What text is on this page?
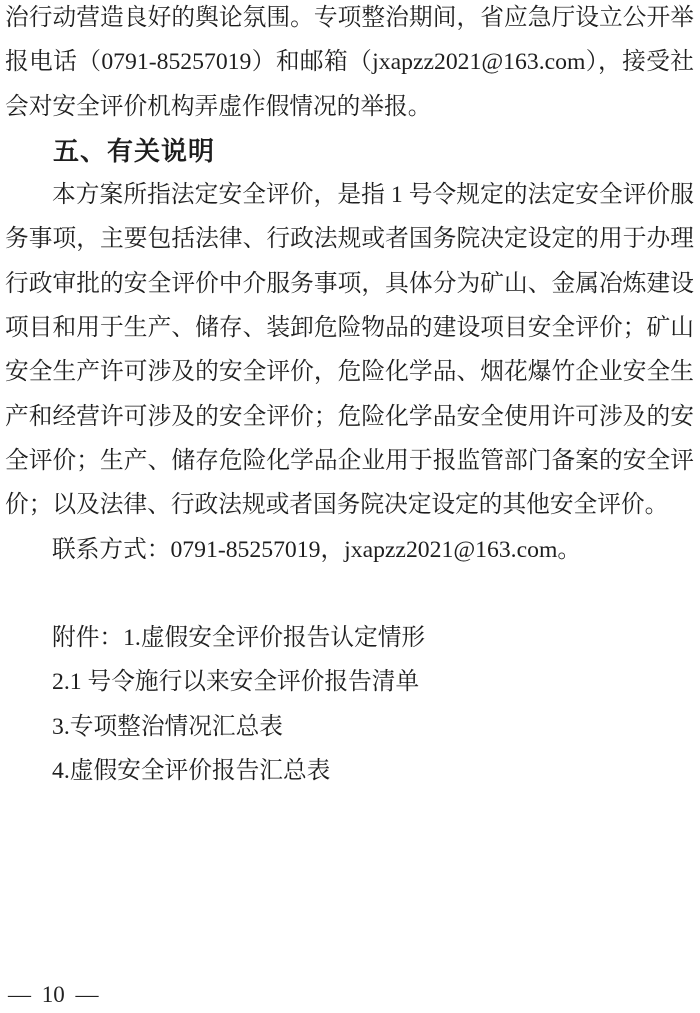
治行动营造良好的舆论氛围。专项整治期间，省应急厅设立公开举报电话（0791-85257019）和邮箱（jxapzz2021@163.com），接受社会对安全评价机构弄虚作假情况的举报。

五、有关说明

本方案所指法定安全评价，是指 1 号令规定的法定安全评价服务事项，主要包括法律、行政法规或者国务院决定设定的用于办理行政审批的安全评价中介服务事项，具体分为矿山、金属冶炼建设项目和用于生产、储存、装卸危险物品的建设项目安全评价；矿山安全生产许可涉及的安全评价，危险化学品、烟花爆竹企业安全生产和经营许可涉及的安全评价；危险化学品安全使用许可涉及的安全评价；生产、储存危险化学品企业用于报监管部门备案的安全评价；以及法律、行政法规或者国务院决定设定的其他安全评价。

联系方式：0791-85257019，jxapzz2021@163.com。

附件：1.虚假安全评价报告认定情形

2.1 号令施行以来安全评价报告清单

3.专项整治情况汇总表

4.虚假安全评价报告汇总表

— 10 —
